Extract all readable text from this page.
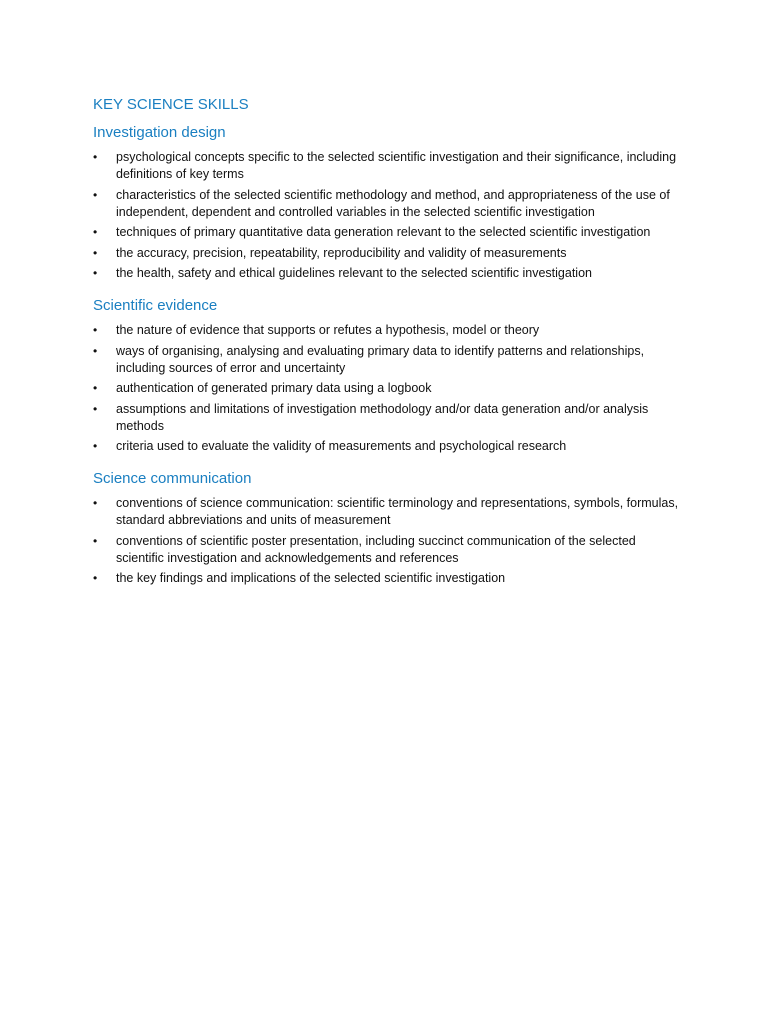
KEY SCIENCE SKILLS
Investigation design
• psychological concepts specific to the selected scientific investigation and their significance, including definitions of key terms
• characteristics of the selected scientific methodology and method, and appropriateness of the use of independent, dependent and controlled variables in the selected scientific investigation
• techniques of primary quantitative data generation relevant to the selected scientific investigation
• the accuracy, precision, repeatability, reproducibility and validity of measurements
• the health, safety and ethical guidelines relevant to the selected scientific investigation
Scientific evidence
• the nature of evidence that supports or refutes a hypothesis, model or theory
• ways of organising, analysing and evaluating primary data to identify patterns and relationships, including sources of error and uncertainty
• authentication of generated primary data using a logbook
• assumptions and limitations of investigation methodology and/or data generation and/or analysis methods
• criteria used to evaluate the validity of measurements and psychological research
Science communication
• conventions of science communication: scientific terminology and representations, symbols, formulas, standard abbreviations and units of measurement
• conventions of scientific poster presentation, including succinct communication of the selected scientific investigation and acknowledgements and references
• the key findings and implications of the selected scientific investigation
